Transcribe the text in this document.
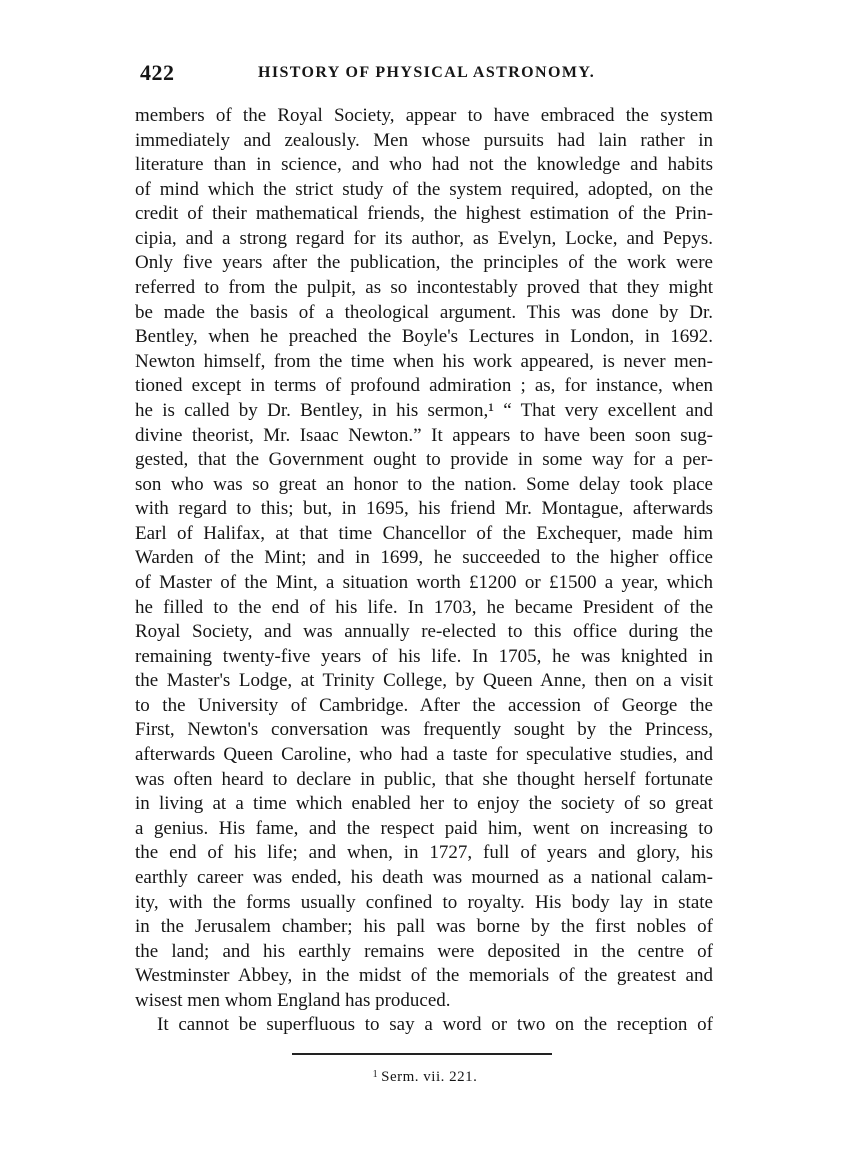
422	HISTORY OF PHYSICAL ASTRONOMY.
members of the Royal Society, appear to have embraced the system
immediately and zealously. Men whose pursuits had lain rather in
literature than in science, and who had not the knowledge and habits
of mind which the strict study of the system required, adopted, on the
credit of their mathematical friends, the highest estimation of the Prin-
cipia, and a strong regard for its author, as Evelyn, Locke, and Pepys.
Only five years after the publication, the principles of the work were
referred to from the pulpit, as so incontestably proved that they might
be made the basis of a theological argument. This was done by Dr.
Bentley, when he preached the Boyle's Lectures in London, in 1692.
Newton himself, from the time when his work appeared, is never men-
tioned except in terms of profound admiration ; as, for instance, when
he is called by Dr. Bentley, in his sermon,¹ “ That very excellent and
divine theorist, Mr. Isaac Newton.” It appears to have been soon sug-
gested, that the Government ought to provide in some way for a per-
son who was so great an honor to the nation. Some delay took place
with regard to this; but, in 1695, his friend Mr. Montague, afterwards
Earl of Halifax, at that time Chancellor of the Exchequer, made him
Warden of the Mint; and in 1699, he succeeded to the higher office
of Master of the Mint, a situation worth £1200 or £1500 a year, which
he filled to the end of his life. In 1703, he became President of the
Royal Society, and was annually re-elected to this office during the
remaining twenty-five years of his life. In 1705, he was knighted in
the Master's Lodge, at Trinity College, by Queen Anne, then on a visit
to the University of Cambridge. After the accession of George the
First, Newton's conversation was frequently sought by the Princess,
afterwards Queen Caroline, who had a taste for speculative studies, and
was often heard to declare in public, that she thought herself fortunate
in living at a time which enabled her to enjoy the society of so great
a genius. His fame, and the respect paid him, went on increasing to
the end of his life; and when, in 1727, full of years and glory, his
earthly career was ended, his death was mourned as a national calam-
ity, with the forms usually confined to royalty. His body lay in state
in the Jerusalem chamber; his pall was borne by the first nobles of
the land; and his earthly remains were deposited in the centre of
Westminster Abbey, in the midst of the memorials of the greatest and
wisest men whom England has produced.
It cannot be superfluous to say a word or two on the reception of
$^1$ Serm. vii. 221.
